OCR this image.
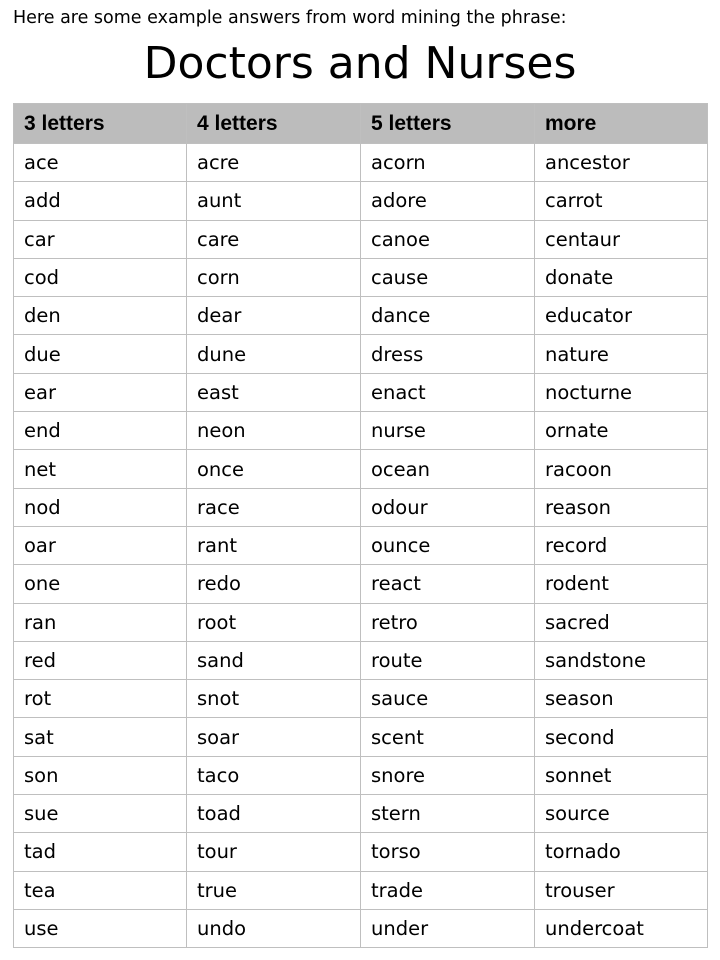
Here are some example answers from word mining the phrase:
Doctors and Nurses
3 letters	4 letters	5 letters	more
ace	acre	acorn	ancestor
add	aunt	adore	carrot
car	care	canoe	centaur
cod	corn	cause	donate
den	dear	dance	educator
due	dune	dress	nature
ear	east	enact	nocturne
end	neon	nurse	ornate
net	once	ocean	racoon
nod	race	odour	reason
oar	rant	ounce	record
one	redo	react	rodent
ran	root	retro	sacred
red	sand	route	sandstone
rot	snot	sauce	season
sat	soar	scent	second
son	taco	snore	sonnet
sue	toad	stern	source
tad	tour	torso	tornado
tea	true	trade	trouser
use	undo	under	undercoat
